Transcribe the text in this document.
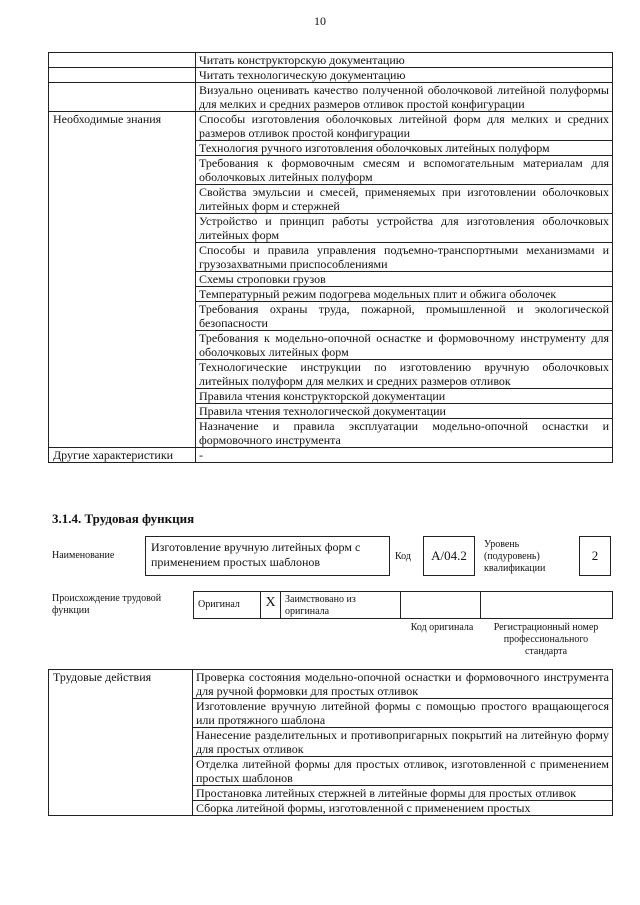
10
	Читать конструкторскую документацию
	Читать технологическую документацию
	Визуально оценивать качество полученной оболочковой литейной полуформы для мелких и средних размеров отливок простой конфигурации
Необходимые знания	Способы изготовления оболочковых литейной форм для мелких и средних размеров отливок простой конфигурации
	Технология ручного изготовления оболочковых литейных полуформ
	Требования к формовочным смесям и вспомогательным материалам для оболочковых литейных полуформ
	Свойства эмульсии и смесей, применяемых при изготовлении оболочковых литейных форм и стержней
	Устройство и принцип работы устройства для изготовления оболочковых литейных форм
	Способы и правила управления подъемно-транспортными механизмами и грузозахватными приспособлениями
	Схемы строповки грузов
	Температурный режим подогрева модельных плит и обжига оболочек
	Требования охраны труда, пожарной, промышленной и экологической безопасности
	Требования к модельно-опочной оснастке и формовочному инструменту для оболочковых литейных форм
	Технологические инструкции по изготовлению вручную оболочковых литейных полуформ для мелких и средних размеров отливок
	Правила чтения конструкторской документации
	Правила чтения технологической документации
	Назначение и правила эксплуатации модельно-опочной оснастки и формовочного инструмента
Другие характеристики	-
3.1.4. Трудовая функция
Наименование
Изготовление вручную литейных форм с применением простых шаблонов	Код	A/04.2
Уровень (подуровень) квалификации
2
Происхождение трудовой функции
Оригинал	X Заимствовано из оригинала
Код оригинала	Регистрационный номер профессионального стандарта
Трудовые действия	Проверка состояния модельно-опочной оснастки и формовочного инструмента для ручной формовки для простых отливок
Изготовление вручную литейной формы с помощью простого вращающегося или протяжного шаблона
Нанесение разделительных и противопригарных покрытий на литейную форму для простых отливок
Отделка литейной формы для простых отливок, изготовленной с применением простых шаблонов
Простановка литейных стержней в литейные формы для простых отливок
Сборка литейной формы, изготовленной с применением простых
